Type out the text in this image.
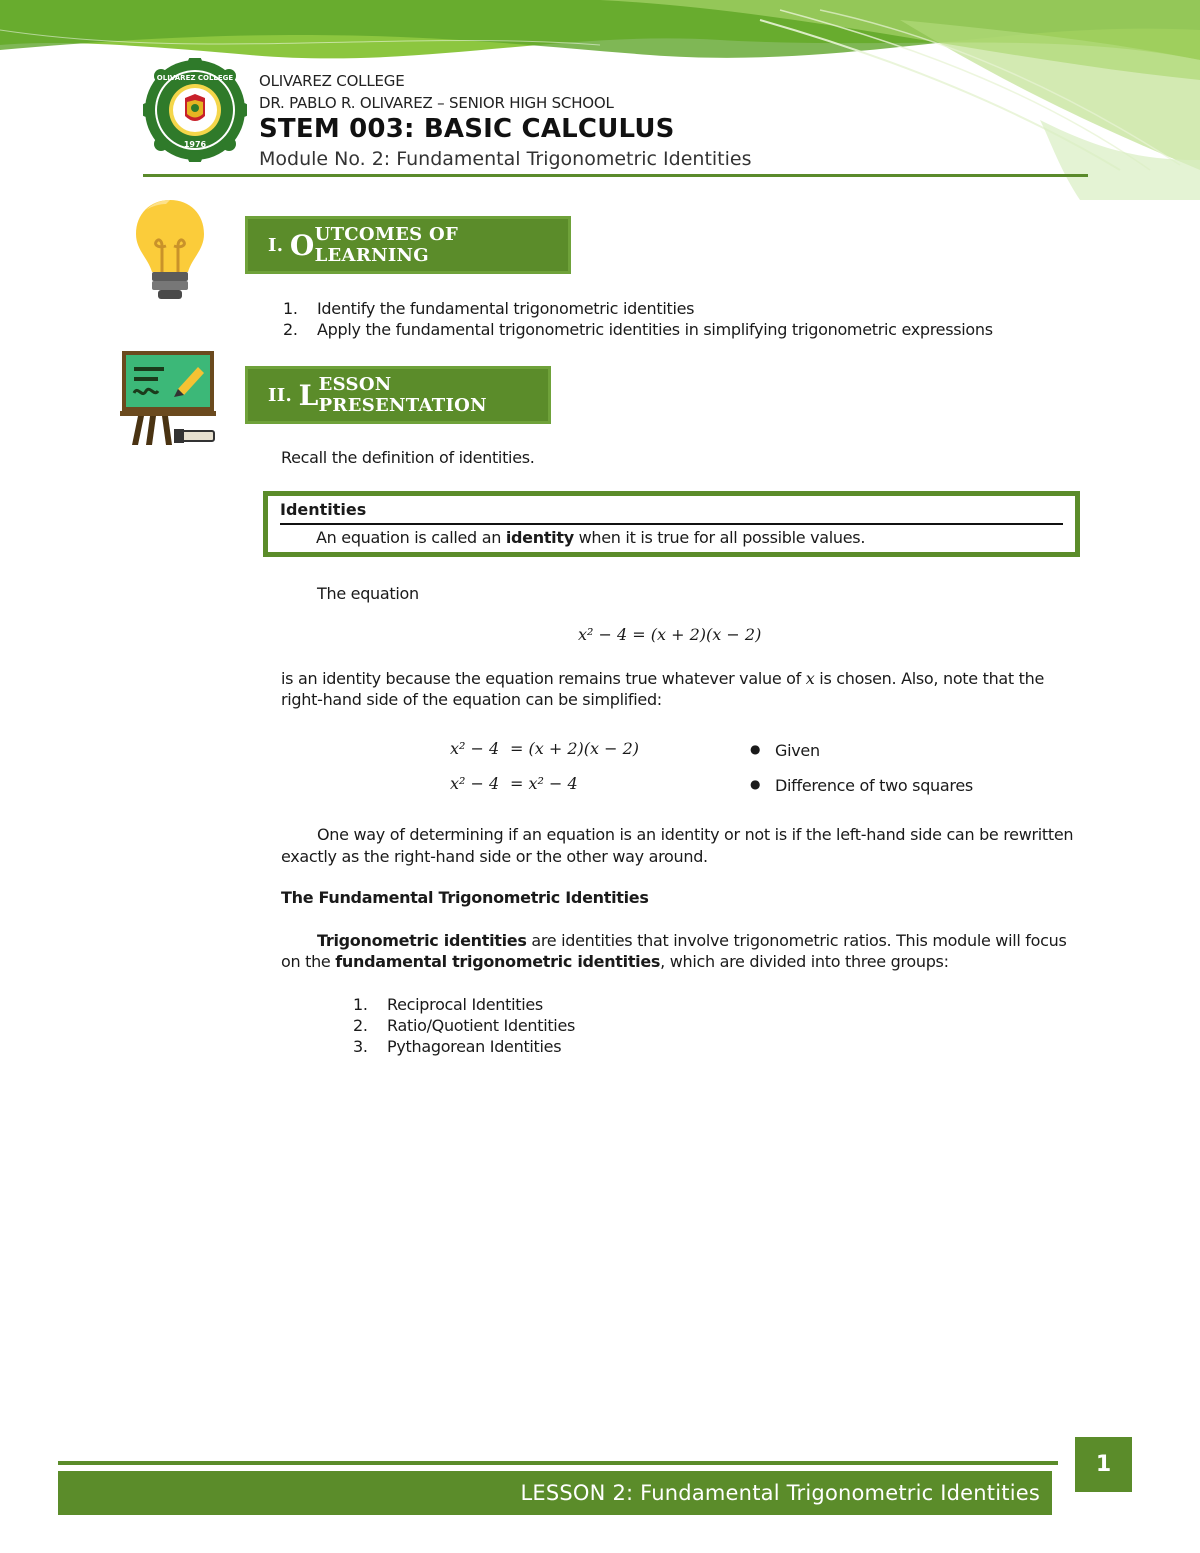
OLIVAREZ COLLEGE
1976
OLIVAREZ COLLEGE
DR. PABLO R. OLIVAREZ – SENIOR HIGH SCHOOL
STEM 003: BASIC CALCULUS
Module No. 2: Fundamental Trigonometric Identities
I.
O UTCOMES OF LEARNING
1. Identify the fundamental trigonometric identities
2. Apply the fundamental trigonometric identities in simplifying trigonometric expressions
II.
L ESSON PRESENTATION
Recall the definition of identities.
Identities
An equation is called an identity when it is true for all possible values.
The equation
x² − 4 = (x + 2)(x − 2)
is an identity because the equation remains true whatever value of x is chosen. Also, note that the
right-hand side of the equation can be simplified:
x² − 4 = (x + 2)(x − 2)	● Given
x² − 4 = x² − 4	● Difference of two squares
One way of determining if an equation is an identity or not is if the left-hand side can be rewritten
exactly as the right-hand side or the other way around.
The Fundamental Trigonometric Identities
Trigonometric identities are identities that involve trigonometric ratios. This module will focus
on the fundamental trigonometric identities, which are divided into three groups:
1. Reciprocal Identities
2. Ratio/Quotient Identities
3. Pythagorean Identities
LESSON 2: Fundamental Trigonometric Identities
1
